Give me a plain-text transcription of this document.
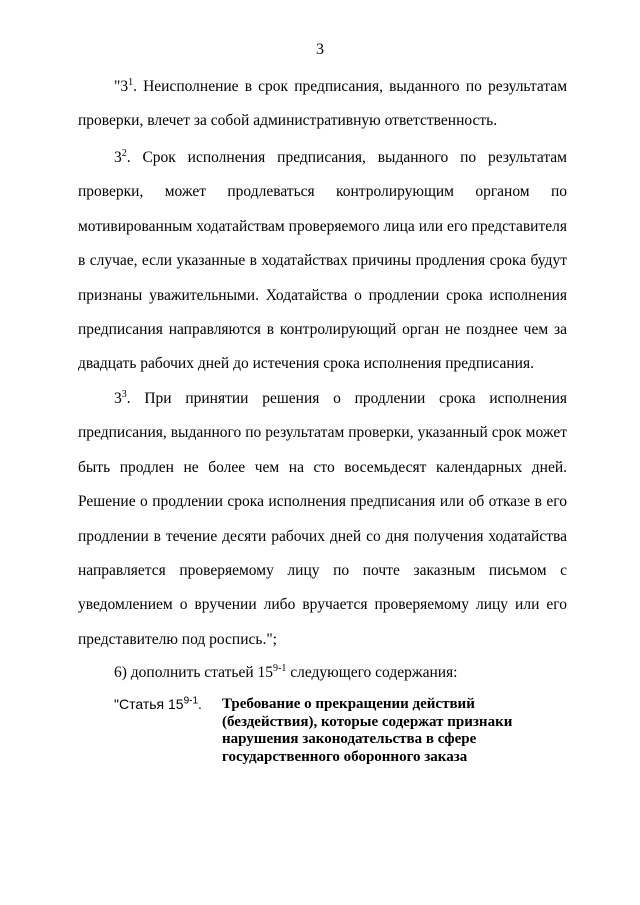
3

"$3^1$. Неисполнение в срок предписания, выданного по результатам проверки, влечет за собой административную ответственность.

$3^2$. Срок исполнения предписания, выданного по результатам проверки, может продлеваться контролирующим органом по мотивированным ходатайствам проверяемого лица или его представителя в случае, если указанные в ходатайствах причины продления срока будут признаны уважительными. Ходатайства о продлении срока исполнения предписания направляются в контролирующий орган не позднее чем за двадцать рабочих дней до истечения срока исполнения предписания.

$3^3$. При принятии решения о продлении срока исполнения предписания, выданного по результатам проверки, указанный срок может быть продлен не более чем на сто восемьдесят календарных дней. Решение о продлении срока исполнения предписания или об отказе в его продлении в течение десяти рабочих дней со дня получения ходатайства направляется проверяемому лицу по почте заказным письмом с уведомлением о вручении либо вручается проверяемому лицу или его представителю под роспись.";

6) дополнить статьей 15$^{9-1}$ следующего содержания:

"Статья 15$^{9-1}$. Требование о прекращении действий
(бездействия), которые содержат признаки
нарушения законодательства в сфере
государственного оборонного заказа
